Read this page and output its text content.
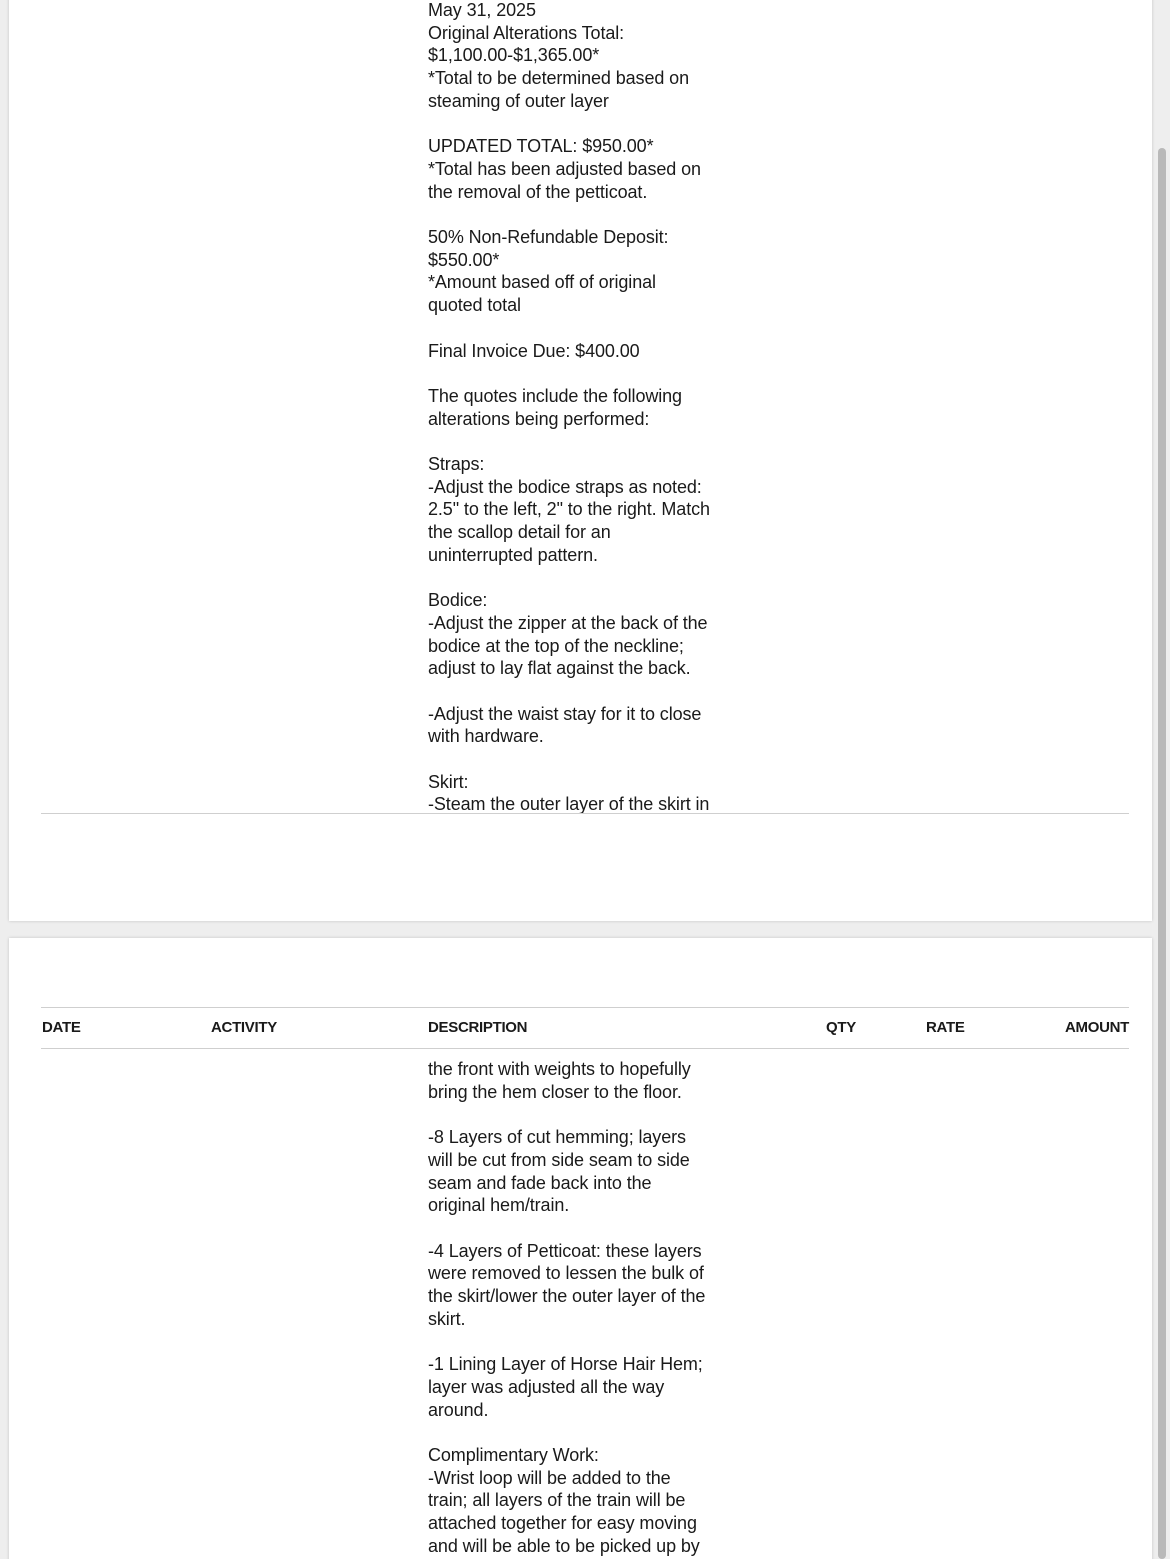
May 31, 2025
Original Alterations Total:
$1,100.00-$1,365.00*
*Total to be determined based on
steaming of outer layer

UPDATED TOTAL: $950.00*
*Total has been adjusted based on
the removal of the petticoat.

50% Non-Refundable Deposit:
$550.00*
*Amount based off of original
quoted total

Final Invoice Due: $400.00

The quotes include the following
alterations being performed:

Straps:
-Adjust the bodice straps as noted:
2.5" to the left, 2" to the right. Match
the scallop detail for an
uninterrupted pattern.

Bodice:
-Adjust the zipper at the back of the
bodice at the top of the neckline;
adjust to lay flat against the back.

-Adjust the waist stay for it to close
with hardware.

Skirt:
-Steam the outer layer of the skirt in

DATE	ACTIVITY	DESCRIPTION	QTY	RATE	AMOUNT

the front with weights to hopefully
bring the hem closer to the floor.

-8 Layers of cut hemming; layers
will be cut from side seam to side
seam and fade back into the
original hem/train.

-4 Layers of Petticoat: these layers
were removed to lessen the bulk of
the skirt/lower the outer layer of the
skirt.

-1 Lining Layer of Horse Hair Hem;
layer was adjusted all the way
around.

Complimentary Work:
-Wrist loop will be added to the
train; all layers of the train will be
attached together for easy moving
and will be able to be picked up by
